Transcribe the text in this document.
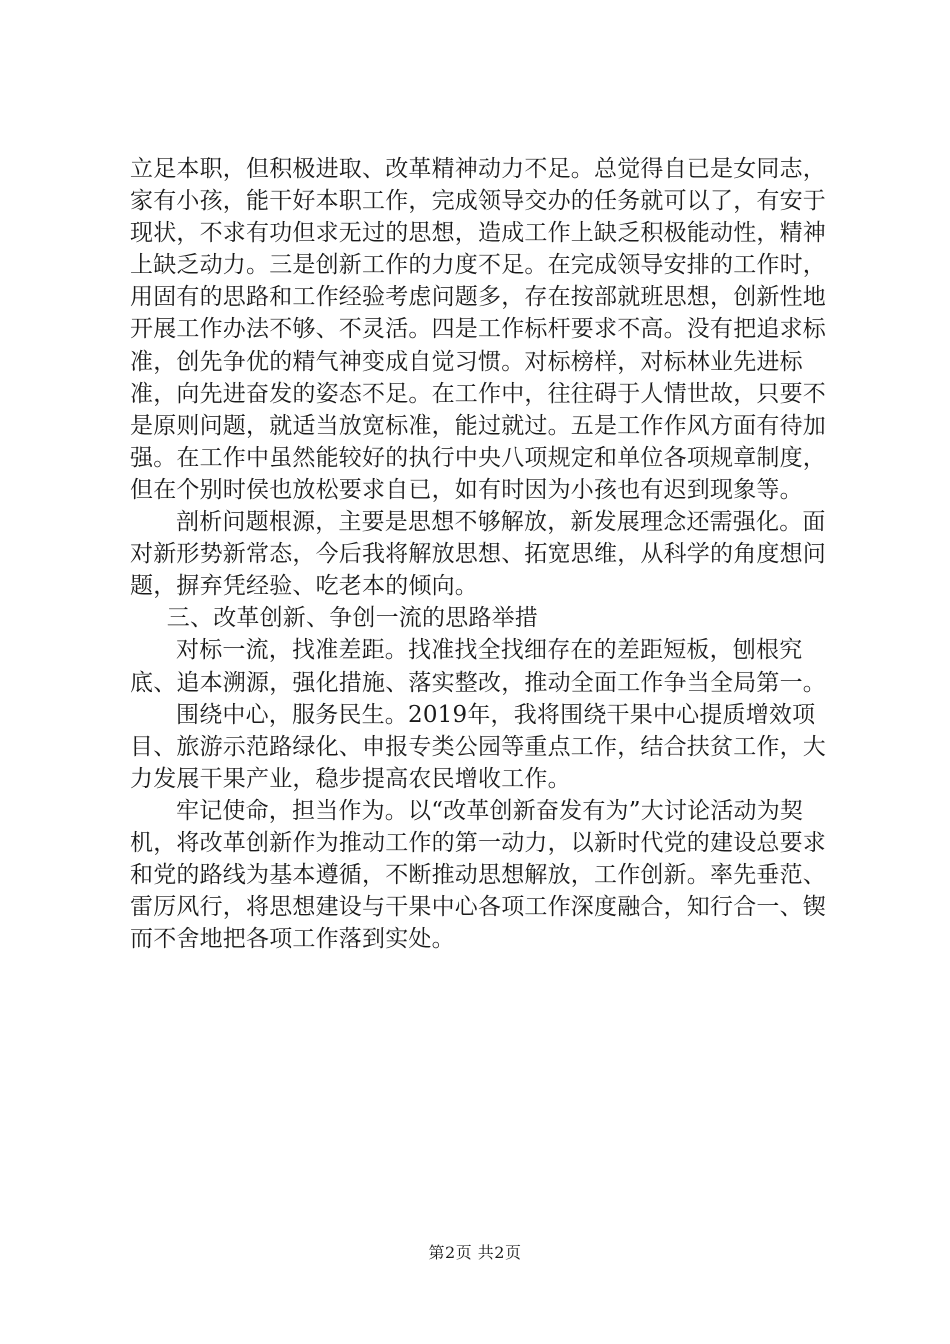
立足本职，但积极进取、改革精神动力不足。总觉得自已是女同志，家有小孩，能干好本职工作，完成领导交办的任务就可以了，有安于现状，不求有功但求无过的思想，造成工作上缺乏积极能动性，精神上缺乏动力。三是创新工作的力度不足。在完成领导安排的工作时，用固有的思路和工作经验考虑问题多，存在按部就班思想，创新性地开展工作办法不够、不灵活。四是工作标杆要求不高。没有把追求标准，创先争优的精气神变成自觉习惯。对标榜样，对标林业先进标准，向先进奋发的姿态不足。在工作中，往往碍于人情世故，只要不是原则问题，就适当放宽标准，能过就过。五是工作作风方面有待加强。在工作中虽然能较好的执行中央八项规定和单位各项规章制度，但在个别时侯也放松要求自已，如有时因为小孩也有迟到现象等。

剖析问题根源，主要是思想不够解放，新发展理念还需强化。面对新形势新常态，今后我将解放思想、拓宽思维，从科学的角度想问题，摒弃凭经验、吃老本的倾向。

三、改革创新、争创一流的思路举措

对标一流，找准差距。找准找全找细存在的差距短板，刨根究底、追本溯源，强化措施、落实整改，推动全面工作争当全局第一。

围绕中心，服务民生。2019年，我将围绕干果中心提质增效项目、旅游示范路绿化、申报专类公园等重点工作，结合扶贫工作，大力发展干果产业，稳步提高农民增收工作。

牢记使命，担当作为。以“改革创新奋发有为”大讨论活动为契机，将改革创新作为推动工作的第一动力，以新时代党的建设总要求和党的路线为基本遵循，不断推动思想解放，工作创新。率先垂范、雷厉风行，将思想建设与干果中心各项工作深度融合，知行合一、锲而不舍地把各项工作落到实处。

第2页 共2页
